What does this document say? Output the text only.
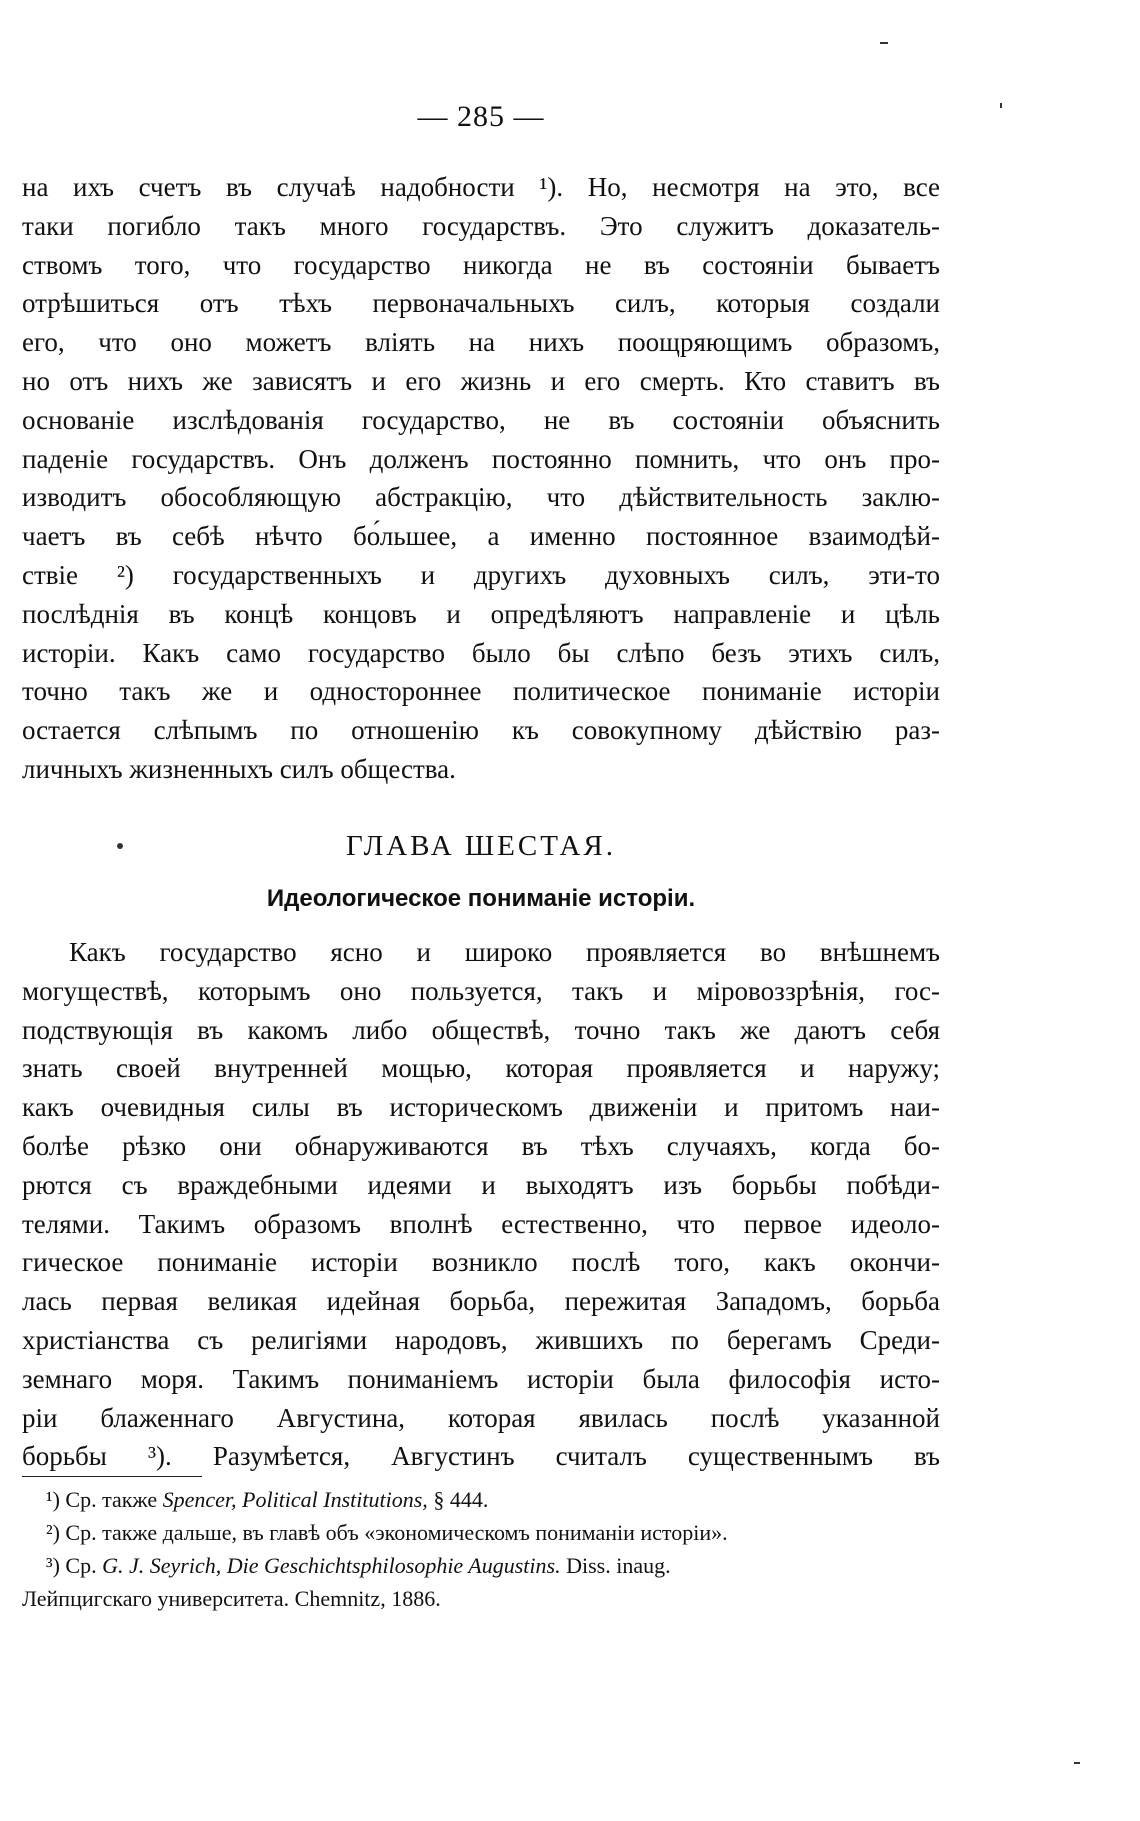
— 285 —
на ихъ счетъ въ случаѣ надобности ¹). Но, несмотря на это, все
таки погибло такъ много государствъ. Это служитъ доказатель-
ствомъ того, что государство никогда не въ состояніи бываетъ
отрѣшиться отъ тѣхъ первоначальныхъ силъ, которыя создали
его, что оно можетъ влiять на нихъ поощряющимъ образомъ,
но отъ нихъ же зависятъ и его жизнь и его смерть. Кто ставитъ въ
основанiе изслѣдованiя государство, не въ состояніи объяснить
паденiе государствъ. Онъ долженъ постоянно помнить, что онъ про-
изводитъ обособляющую абстракцiю, что дѣйствительность заклю-
чаетъ въ себѣ нѣчто бо́льшее, а именно постоянное взаимодѣй-
ствiе ²) государственныхъ и другихъ духовныхъ силъ, эти-то
послѣднiя въ концѣ концовъ и опредѣляютъ направленiе и цѣль
исторiи. Какъ само государство было бы слѣпо безъ этихъ силъ,
точно такъ же и одностороннее политическое пониманiе исторiи
остается слѣпымъ по отношенiю къ совокупному дѣйствiю раз-
личныхъ жизненныхъ силъ общества.
ГЛАВА ШЕСТАЯ.
Идеологическое пониманiе исторiи.
Какъ государство ясно и широко проявляется во внѣшнемъ
могуществѣ, которымъ оно пользуется, такъ и мiровоззрѣнiя, гос-
подствующiя въ какомъ либо обществѣ, точно такъ же даютъ себя
знать своей внутренней мощью, которая проявляется и наружу;
какъ очевидныя силы въ историческомъ движенiи и притомъ наи-
болѣе рѣзко они обнаруживаются въ тѣхъ случаяхъ, когда бо-
рются съ враждебными идеями и выходятъ изъ борьбы побѣди-
телями. Такимъ образомъ вполнѣ естественно, что первое идеоло-
гическое пониманiе исторiи возникло послѣ того, какъ окончи-
лась первая великая идейная борьба, пережитая Западомъ, борьба
христiанства съ религiями народовъ, жившихъ по берегамъ Среди-
земнаго моря. Такимъ пониманiемъ исторiи была философiя исто-
рiи блаженнаго Августина, которая явилась послѣ указанной
борьбы ³). Разумѣется, Августинъ считалъ существеннымъ въ
¹) Ср. также Spencer, Political Institutions, § 444.
²) Ср. также дальше, въ главѣ объ «экономическомъ пониманiи исторiи».
³) Ср. G. J. Seyrich, Die Geschichtsphilosophie Augustins. Diss. inaug.
Лейпцигскаго университета. Chemnitz, 1886.
